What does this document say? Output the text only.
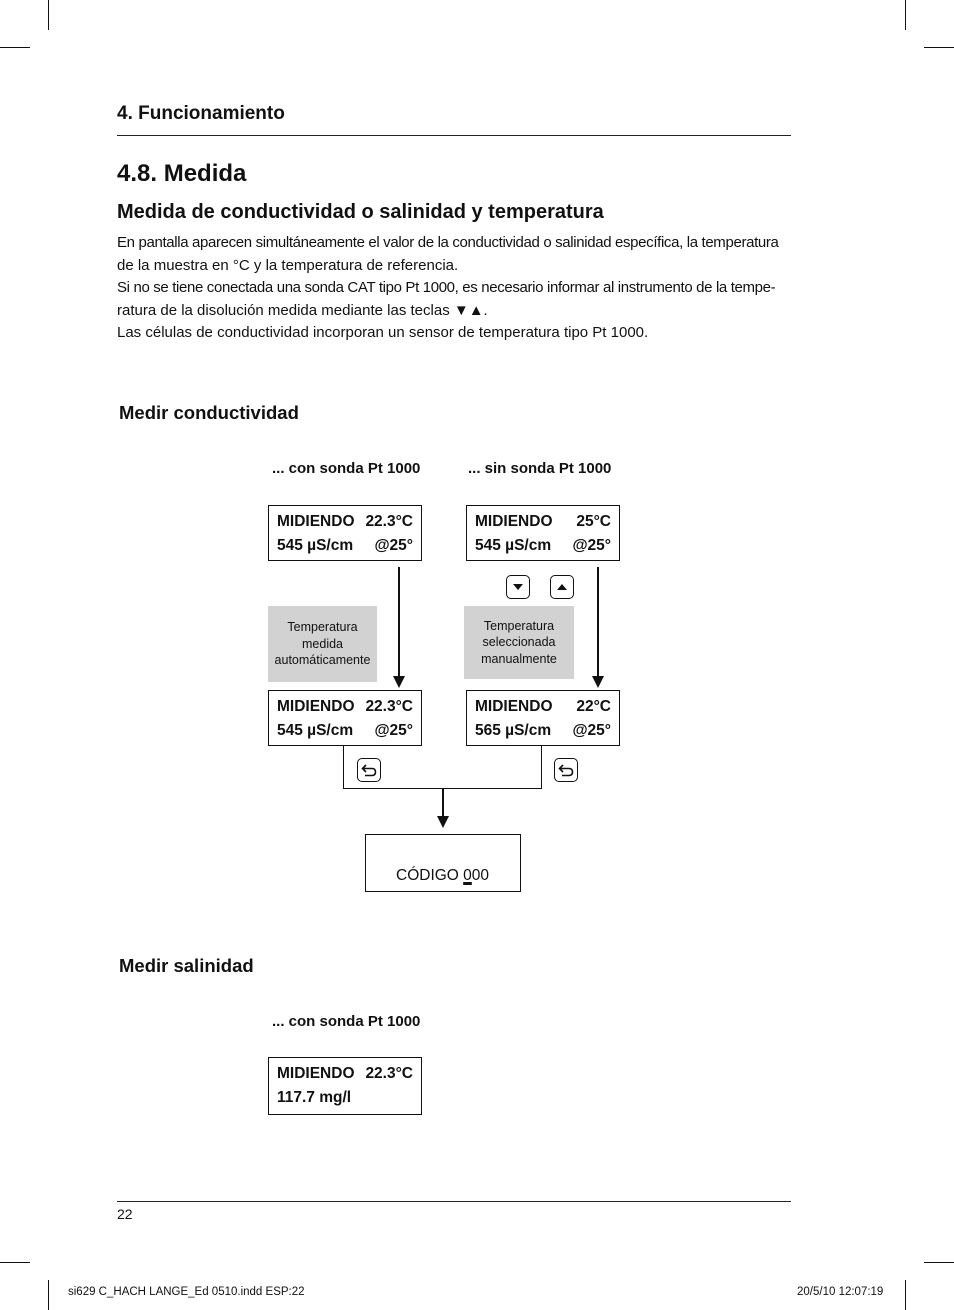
4. Funcionamiento
4.8. Medida
Medida de conductividad o salinidad y temperatura
En pantalla aparecen simultáneamente el valor de la conductividad o salinidad específica, la temperatura
de la muestra en °C y la temperatura de referencia.
Si no se tiene conectada una sonda CAT tipo Pt 1000, es necesario informar al instrumento de la tempe-
ratura de la disolución medida mediante las teclas ▼▲.
Las células de conductividad incorporan un sensor de temperatura tipo Pt 1000.
Medir conductividad
... con sonda Pt 1000	... sin sonda Pt 1000
MIDIENDO 22.3°C
545 µS/cm @25°
MIDIENDO 25°C
545 µS/cm @25°
Temperatura
medida
automáticamente
Temperatura
seleccionada
manualmente
MIDIENDO 22.3°C
545 µS/cm @25°
MIDIENDO 22°C
565 µS/cm @25°
CÓDIGO 000
Medir salinidad
... con sonda Pt 1000
MIDIENDO 22.3°C
117.7 mg/l
22
si629 C_HACH LANGE_Ed 0510.indd ESP:22	20/5/10 12:07:19
